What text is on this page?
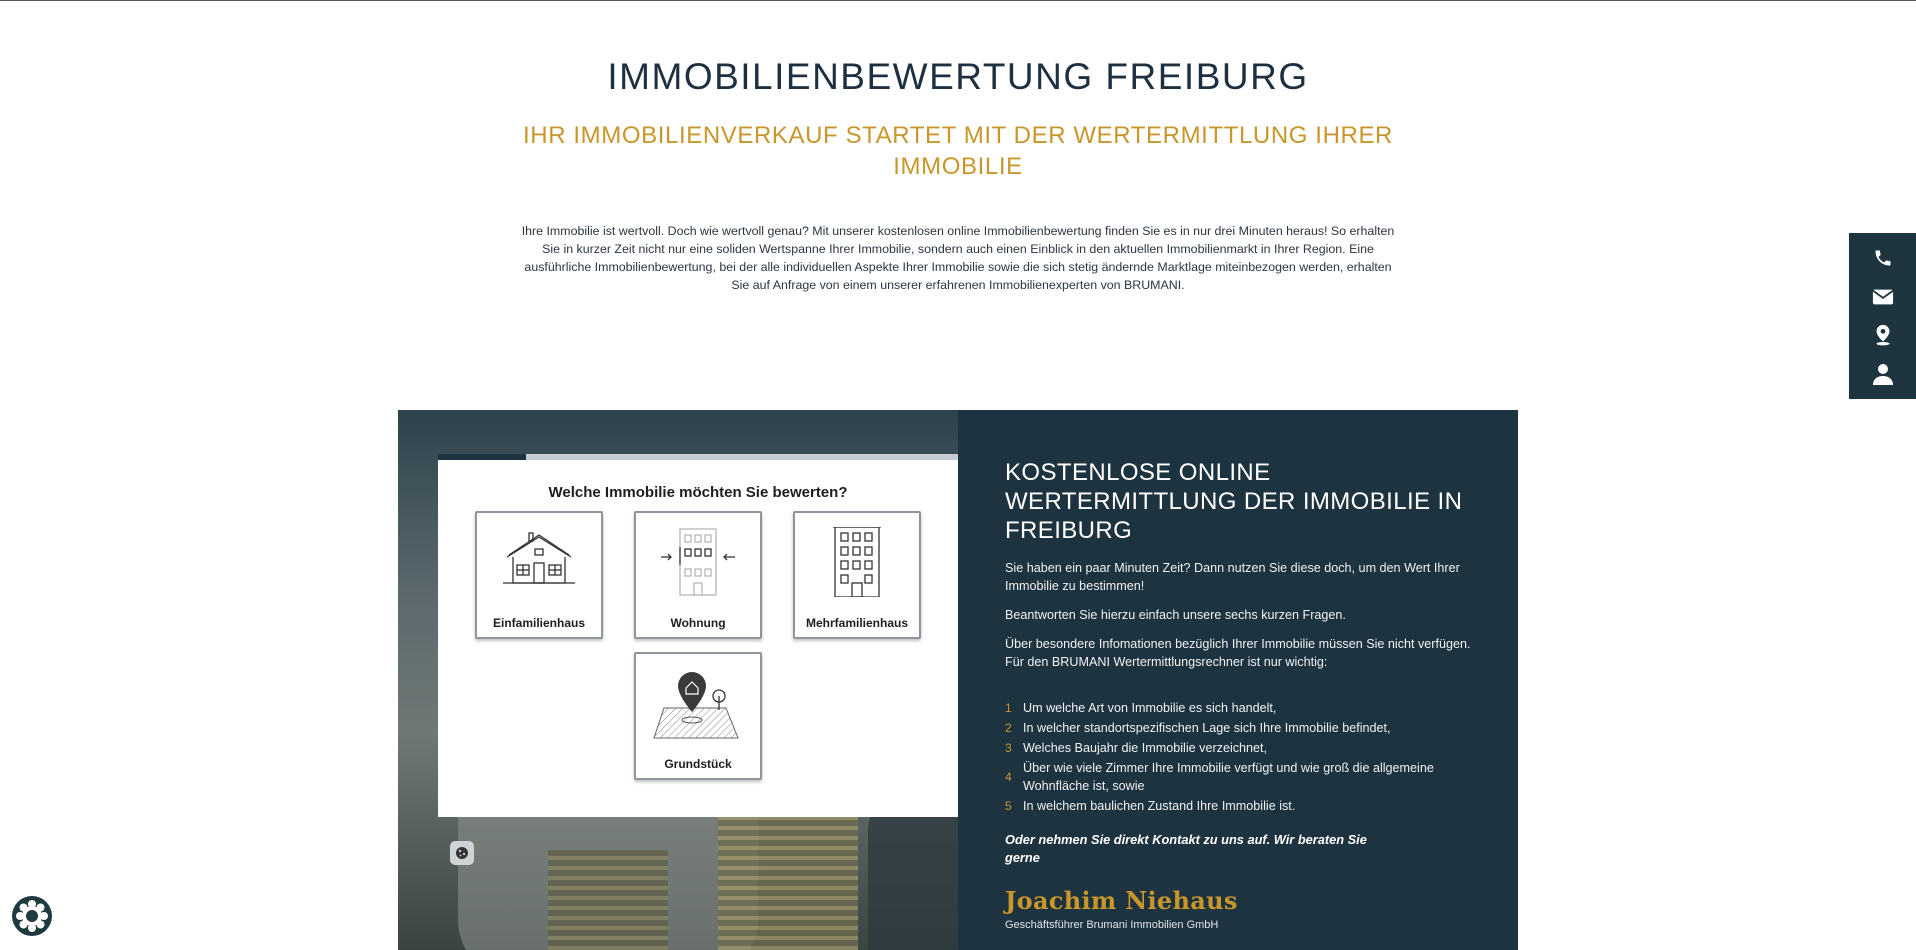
IMMOBILIENBEWERTUNG FREIBURG
IHR IMMOBILIENVERKAUF STARTET MIT DER WERTERMITTLUNG IHRER IMMOBILIE

Ihre Immobilie ist wertvoll. Doch wie wertvoll genau? Mit unserer kostenlosen online Immobilienbewertung finden Sie es in nur drei Minuten heraus! So erhalten Sie in kurzer Zeit nicht nur eine soliden Wertspanne Ihrer Immobilie, sondern auch einen Einblick in den aktuellen Immobilienmarkt in Ihrer Region. Eine ausführliche Immobilienbewertung, bei der alle individuellen Aspekte Ihrer Immobilie sowie die sich stetig ändernde Marktlage miteinbezogen werden, erhalten Sie auf Anfrage von einem unserer erfahrenen Immobilienexperten von BRUMANI.

Welche Immobilie möchten Sie bewerten?
Einfamilienhaus	Wohnung	Mehrfamilienhaus
Grundstück
KOSTENLOSE ONLINE WERTERMITTLUNG DER IMMOBILIE IN FREIBURG

Sie haben ein paar Minuten Zeit? Dann nutzen Sie diese doch, um den Wert Ihrer Immobilie zu bestimmen!

Beantworten Sie hierzu einfach unsere sechs kurzen Fragen.

Über besondere Infomationen bezüglich Ihrer Immobilie müssen Sie nicht verfügen. Für den BRUMANI Wertermittlungsrechner ist nur wichtig:

1 Um welche Art von Immobilie es sich handelt,
2 In welcher standortspezifischen Lage sich Ihre Immobilie befindet,
3 Welches Baujahr die Immobilie verzeichnet,
4
Über wie viele Zimmer Ihre Immobilie verfügt und wie groß die allgemeine Wohnfläche ist, sowie
5 In welchem baulichen Zustand Ihre Immobilie ist.

Oder nehmen Sie direkt Kontakt zu uns auf. Wir beraten Sie gerne

Joachim Niehaus
Geschäftsführer Brumani Immobilien GmbH
